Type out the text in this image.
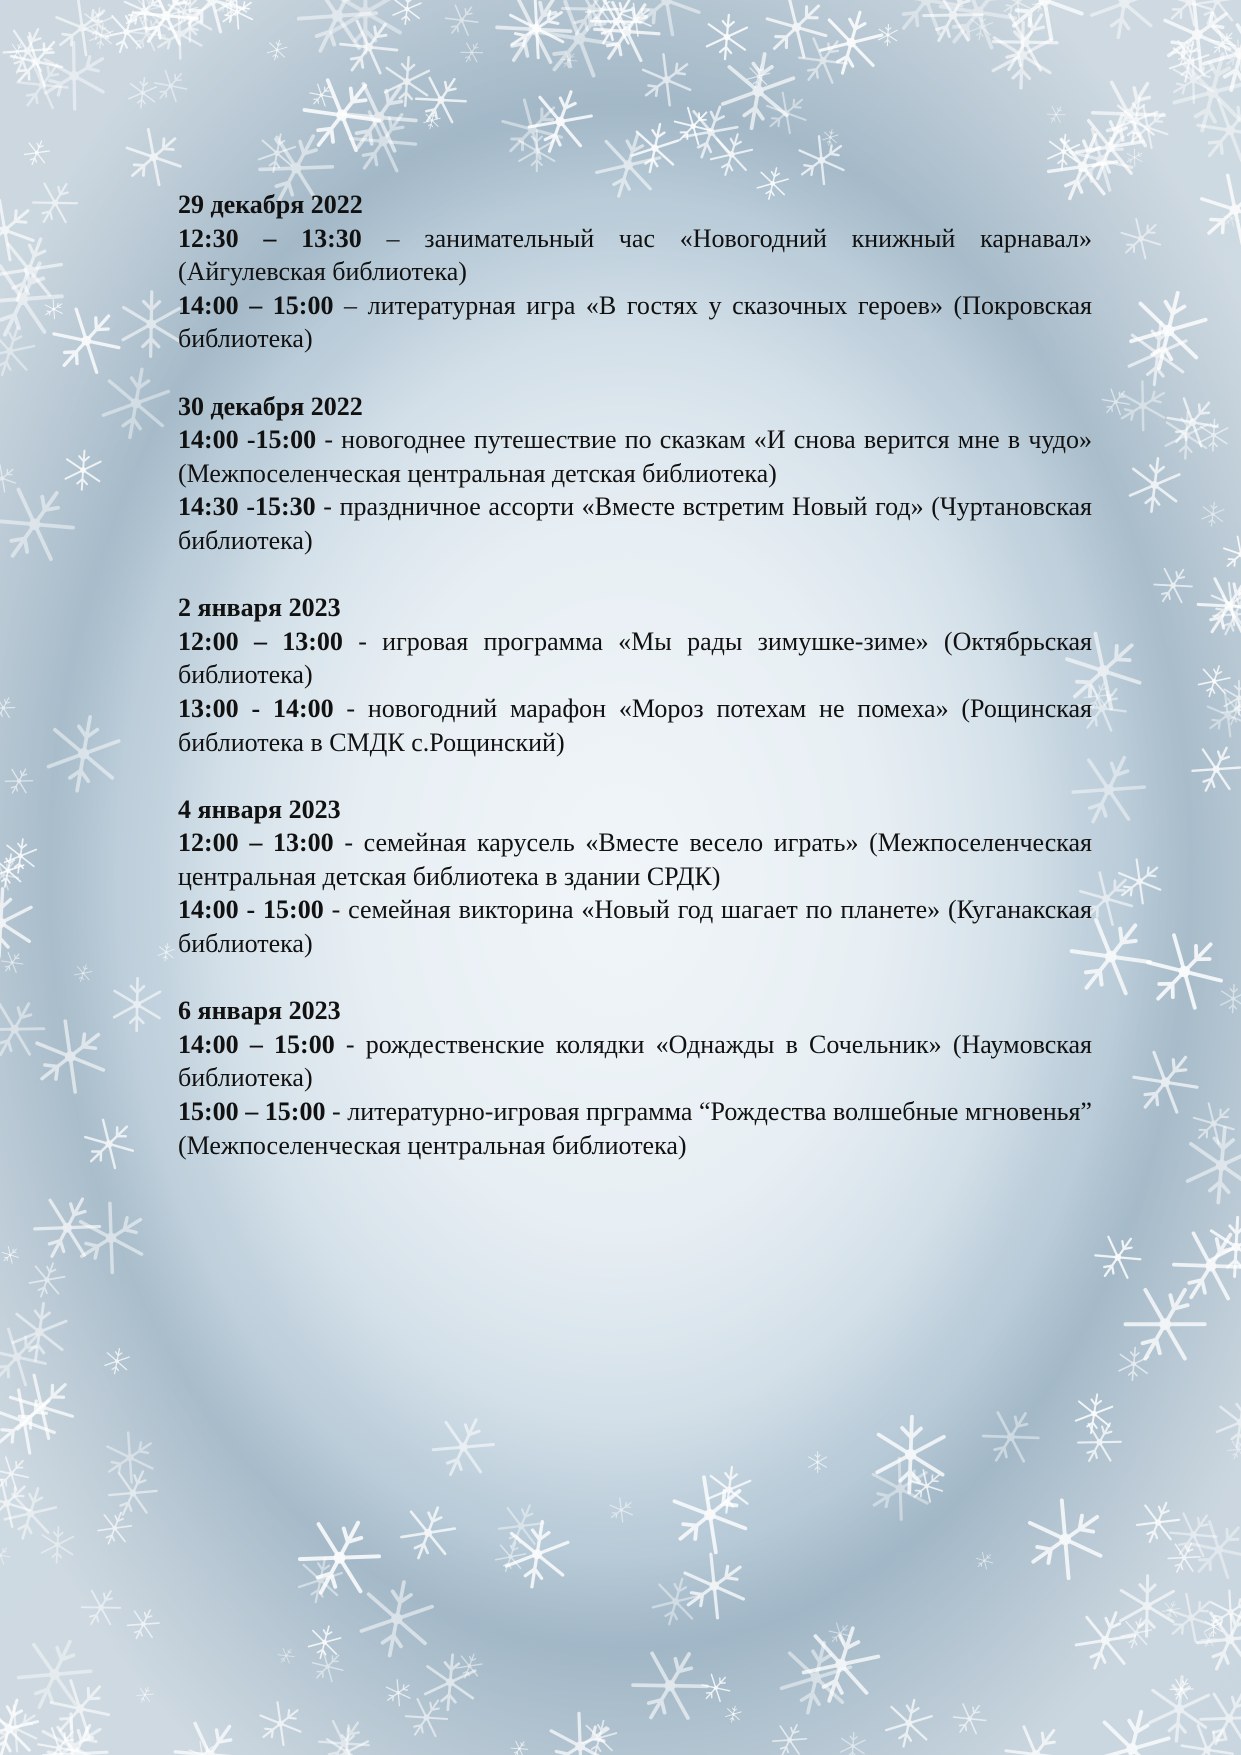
29 декабря 2022

12:30 – 13:30 – занимательный час «Новогодний книжный карнавал» (Айгулевская библиотека)

14:00 – 15:00 – литературная игра «В гостях у сказочных героев» (Покровская библиотека)

30 декабря 2022

14:00 -15:00 - новогоднее путешествие по сказкам «И снова верится мне в чудо» (Межпоселенческая центральная детская библиотека)

14:30 -15:30 - праздничное ассорти «Вместе встретим Новый год» (Чуртановская библиотека)

2 января 2023

12:00 – 13:00 - игровая программа «Мы рады зимушке-зиме» (Октябрьская библиотека)

13:00 - 14:00 - новогодний марафон «Мороз потехам не помеха» (Рощинская библиотека в СМДК с.Рощинский)

4 января 2023

12:00 – 13:00 - семейная карусель «Вместе весело играть» (Межпоселенческая центральная детская библиотека в здании СРДК)

14:00 - 15:00 - семейная викторина «Новый год шагает по планете» (Куганакская библиотека)

6 января 2023

14:00 – 15:00 - рождественские колядки «Однажды в Сочельник» (Наумовская библиотека)

15:00 – 15:00 - литературно-игровая прграмма “Рождества волшебные мгновенья” (Межпоселенческая центральная библиотека)
